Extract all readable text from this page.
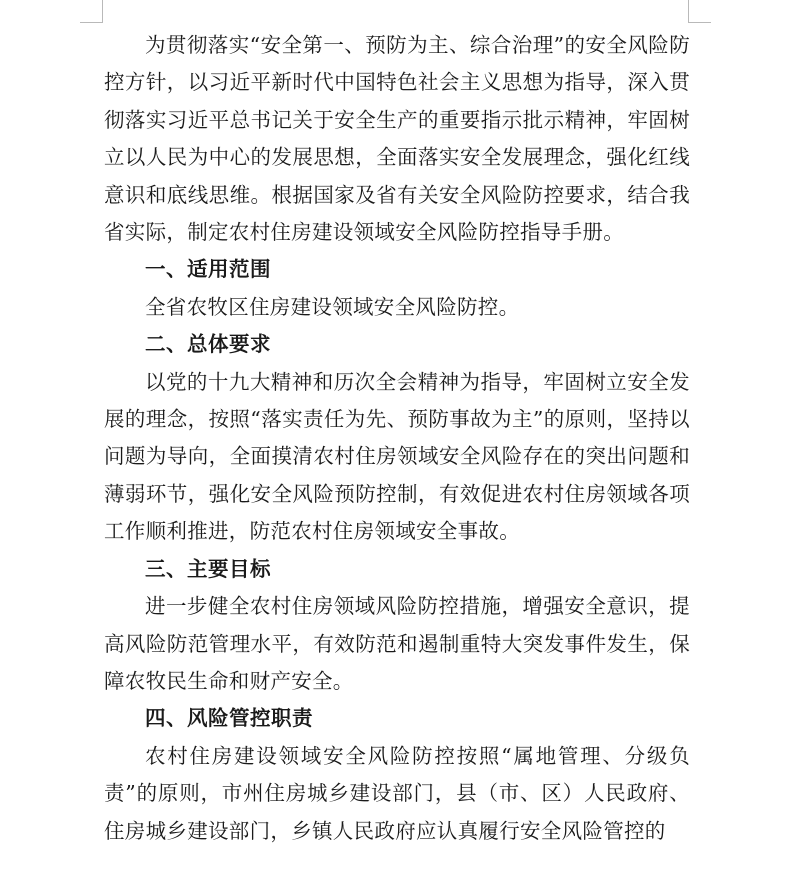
为贯彻落实“安全第一、预防为主、综合治理”的安全风险防控方针，以习近平新时代中国特色社会主义思想为指导，深入贯彻落实习近平总书记关于安全生产的重要指示批示精神，牢固树立以人民为中心的发展思想，全面落实安全发展理念，强化红线意识和底线思维。根据国家及省有关安全风险防控要求，结合我省实际，制定农村住房建设领域安全风险防控指导手册。

一、适用范围

全省农牧区住房建设领域安全风险防控。

二、总体要求

以党的十九大精神和历次全会精神为指导，牢固树立安全发展的理念，按照“落实责任为先、预防事故为主”的原则，坚持以问题为导向，全面摸清农村住房领域安全风险存在的突出问题和薄弱环节，强化安全风险预防控制，有效促进农村住房领域各项工作顺利推进，防范农村住房领域安全事故。

三、主要目标

进一步健全农村住房领域风险防控措施，增强安全意识，提高风险防范管理水平，有效防范和遏制重特大突发事件发生，保障农牧民生命和财产安全。

四、风险管控职责

农村住房建设领域安全风险防控按照“属地管理、分级负责”的原则，市州住房城乡建设部门，县（市、区）人民政府、住房城乡建设部门，乡镇人民政府应认真履行安全风险管控的
